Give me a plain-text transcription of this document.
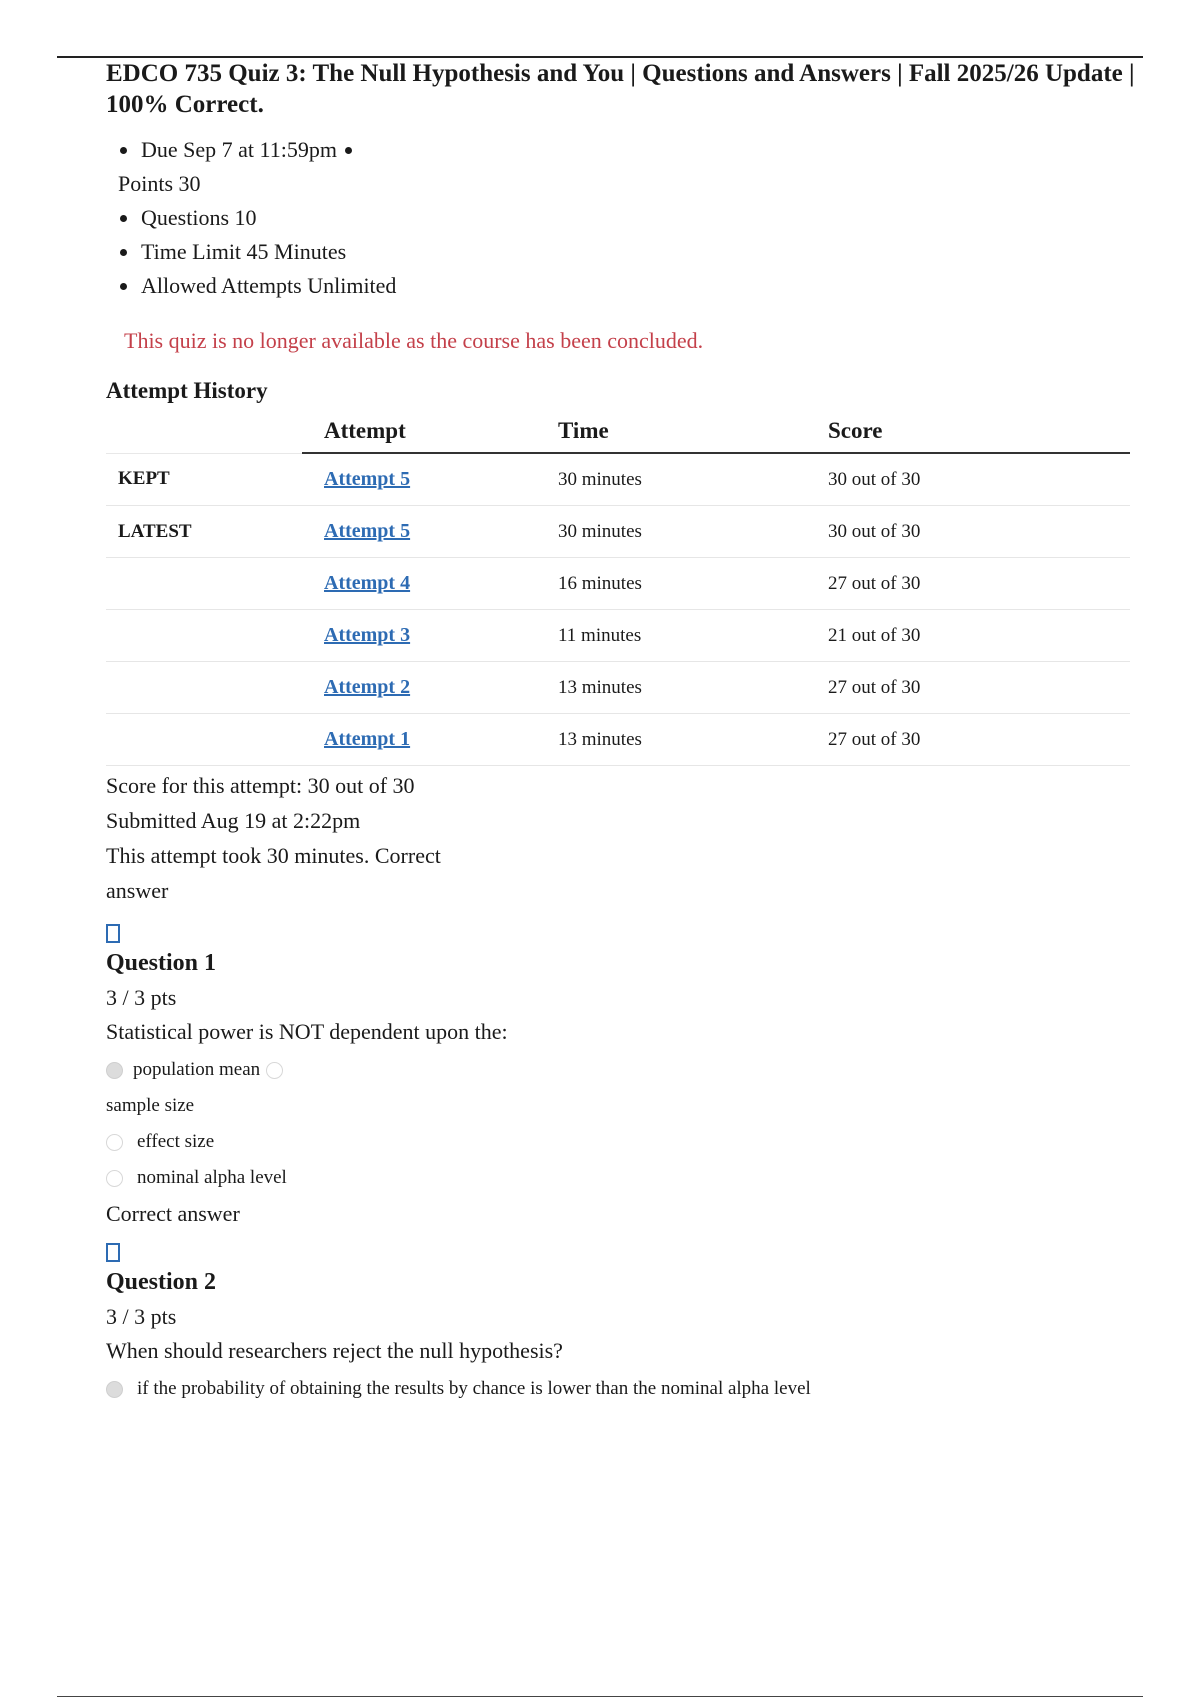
EDCO 735 Quiz 3: The Null Hypothesis and You | Questions and Answers | Fall 2025/26 Update | 100% Correct.
Due Sep 7 at 11:59pm
Points 30
Questions 10
Time Limit 45 Minutes
Allowed Attempts Unlimited
This quiz is no longer available as the course has been concluded.
Attempt History
	Attempt	Time	Score
KEPT	Attempt 5	30 minutes	30 out of 30
LATEST	Attempt 5	30 minutes	30 out of 30
	Attempt 4	16 minutes	27 out of 30
	Attempt 3	11 minutes	21 out of 30
	Attempt 2	13 minutes	27 out of 30
	Attempt 1	13 minutes	27 out of 30
Score for this attempt: 30 out of 30
Submitted Aug 19 at 2:22pm
This attempt took 30 minutes. Correct
answer
Question 1
3 / 3 pts
Statistical power is NOT dependent upon the:
population mean
sample size
effect size
nominal alpha level
Correct answer
Question 2
3 / 3 pts
When should researchers reject the null hypothesis?
if the probability of obtaining the results by chance is lower than the nominal alpha level
